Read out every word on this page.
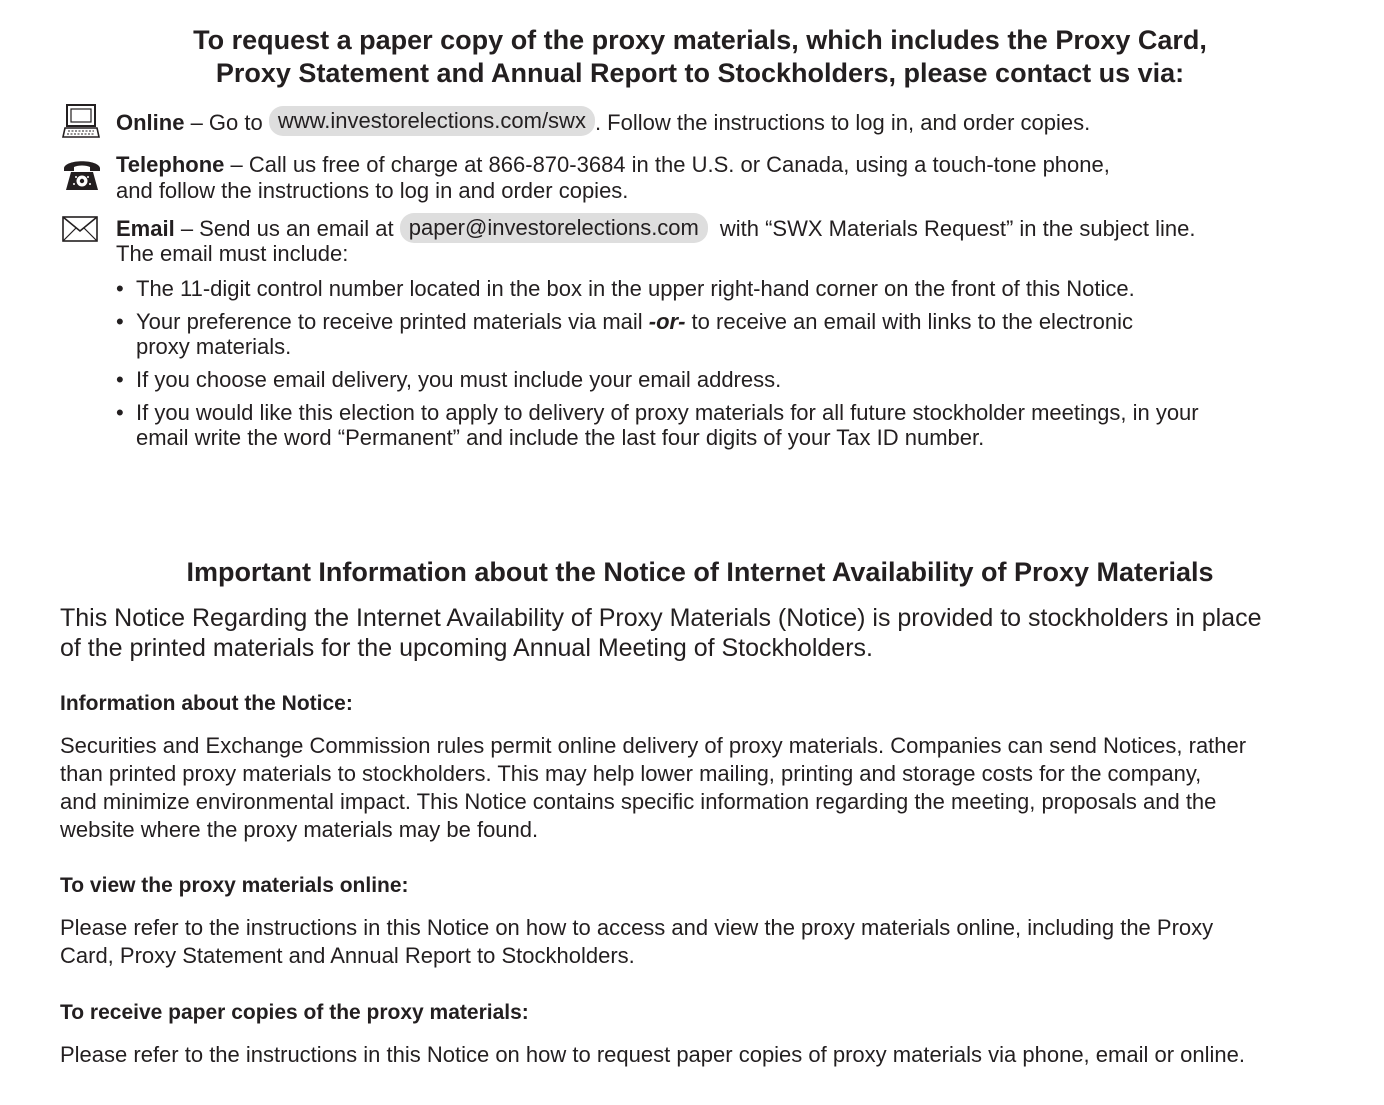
To request a paper copy of the proxy materials, which includes the Proxy Card,
Proxy Statement and Annual Report to Stockholders, please contact us via:
Online – Go to www.investorelections.com/swx . Follow the instructions to log in, and order copies.
Telephone – Call us free of charge at 866-870-3684 in the U.S. or Canada, using a touch-tone phone,
and follow the instructions to log in and order copies.
Email – Send us an email at paper@investorelections.com with “SWX Materials Request” in the subject line.
The email must include:
• The 11-digit control number located in the box in the upper right-hand corner on the front of this Notice.
• Your preference to receive printed materials via mail -or- to receive an email with links to the electronic
proxy materials.
• If you choose email delivery, you must include your email address.
• If you would like this election to apply to delivery of proxy materials for all future stockholder meetings, in your
email write the word “Permanent” and include the last four digits of your Tax ID number.
Important Information about the Notice of Internet Availability of Proxy Materials
This Notice Regarding the Internet Availability of Proxy Materials (Notice) is provided to stockholders in place
of the printed materials for the upcoming Annual Meeting of Stockholders.
Information about the Notice:
Securities and Exchange Commission rules permit online delivery of proxy materials. Companies can send Notices, rather
than printed proxy materials to stockholders. This may help lower mailing, printing and storage costs for the company,
and minimize environmental impact. This Notice contains specific information regarding the meeting, proposals and the
website where the proxy materials may be found.
To view the proxy materials online:
Please refer to the instructions in this Notice on how to access and view the proxy materials online, including the Proxy
Card, Proxy Statement and Annual Report to Stockholders.
To receive paper copies of the proxy materials:
Please refer to the instructions in this Notice on how to request paper copies of proxy materials via phone, email or online.
